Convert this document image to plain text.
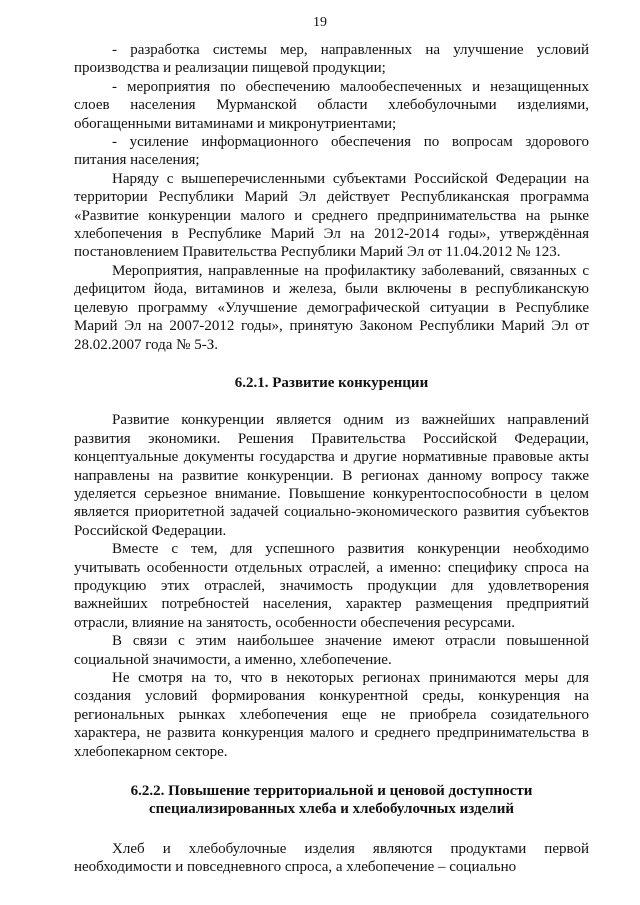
19

- разработка системы мер, направленных на улучшение условий производства и реализации пищевой продукции;

- мероприятия по обеспечению малообеспеченных и незащищенных слоев населения Мурманской области хлебобулочными изделиями, обогащенными витаминами и микронутриентами;

- усиление информационного обеспечения по вопросам здорового питания населения;

Наряду с вышеперечисленными субъектами Российской Федерации на территории Республики Марий Эл действует Республиканская программа «Развитие конкуренции малого и среднего предпринимательства на рынке хлебопечения в Республике Марий Эл на 2012-2014 годы», утверждённая постановлением Правительства Республики Марий Эл от 11.04.2012 № 123.

Мероприятия, направленные на профилактику заболеваний, связанных с дефицитом йода, витаминов и железа, были включены в республиканскую целевую программу «Улучшение демографической ситуации в Республике Марий Эл на 2007-2012 годы», принятую Законом Республики Марий Эл от 28.02.2007 года № 5-З.

6.2.1. Развитие конкуренции

Развитие конкуренции является одним из важнейших направлений развития экономики. Решения Правительства Российской Федерации, концептуальные документы государства и другие нормативные правовые акты направлены на развитие конкуренции. В регионах данному вопросу также уделяется серьезное внимание. Повышение конкурентоспособности в целом является приоритетной задачей социально-экономического развития субъектов Российской Федерации.

Вместе с тем, для успешного развития конкуренции необходимо учитывать особенности отдельных отраслей, а именно: специфику спроса на продукцию этих отраслей, значимость продукции для удовлетворения важнейших потребностей населения, характер размещения предприятий отрасли, влияние на занятость, особенности обеспечения ресурсами.

В связи с этим наибольшее значение имеют отрасли повышенной социальной значимости, а именно, хлебопечение.

Не смотря на то, что в некоторых регионах принимаются меры для создания условий формирования конкурентной среды, конкуренция на региональных рынках хлебопечения еще не приобрела созидательного характера, не развита конкуренция малого и среднего предпринимательства в хлебопекарном секторе.

6.2.2. Повышение территориальной и ценовой доступности
специализированных хлеба и хлебобулочных изделий

Хлеб и хлебобулочные изделия являются продуктами первой необходимости и повседневного спроса, а хлебопечение – социально
